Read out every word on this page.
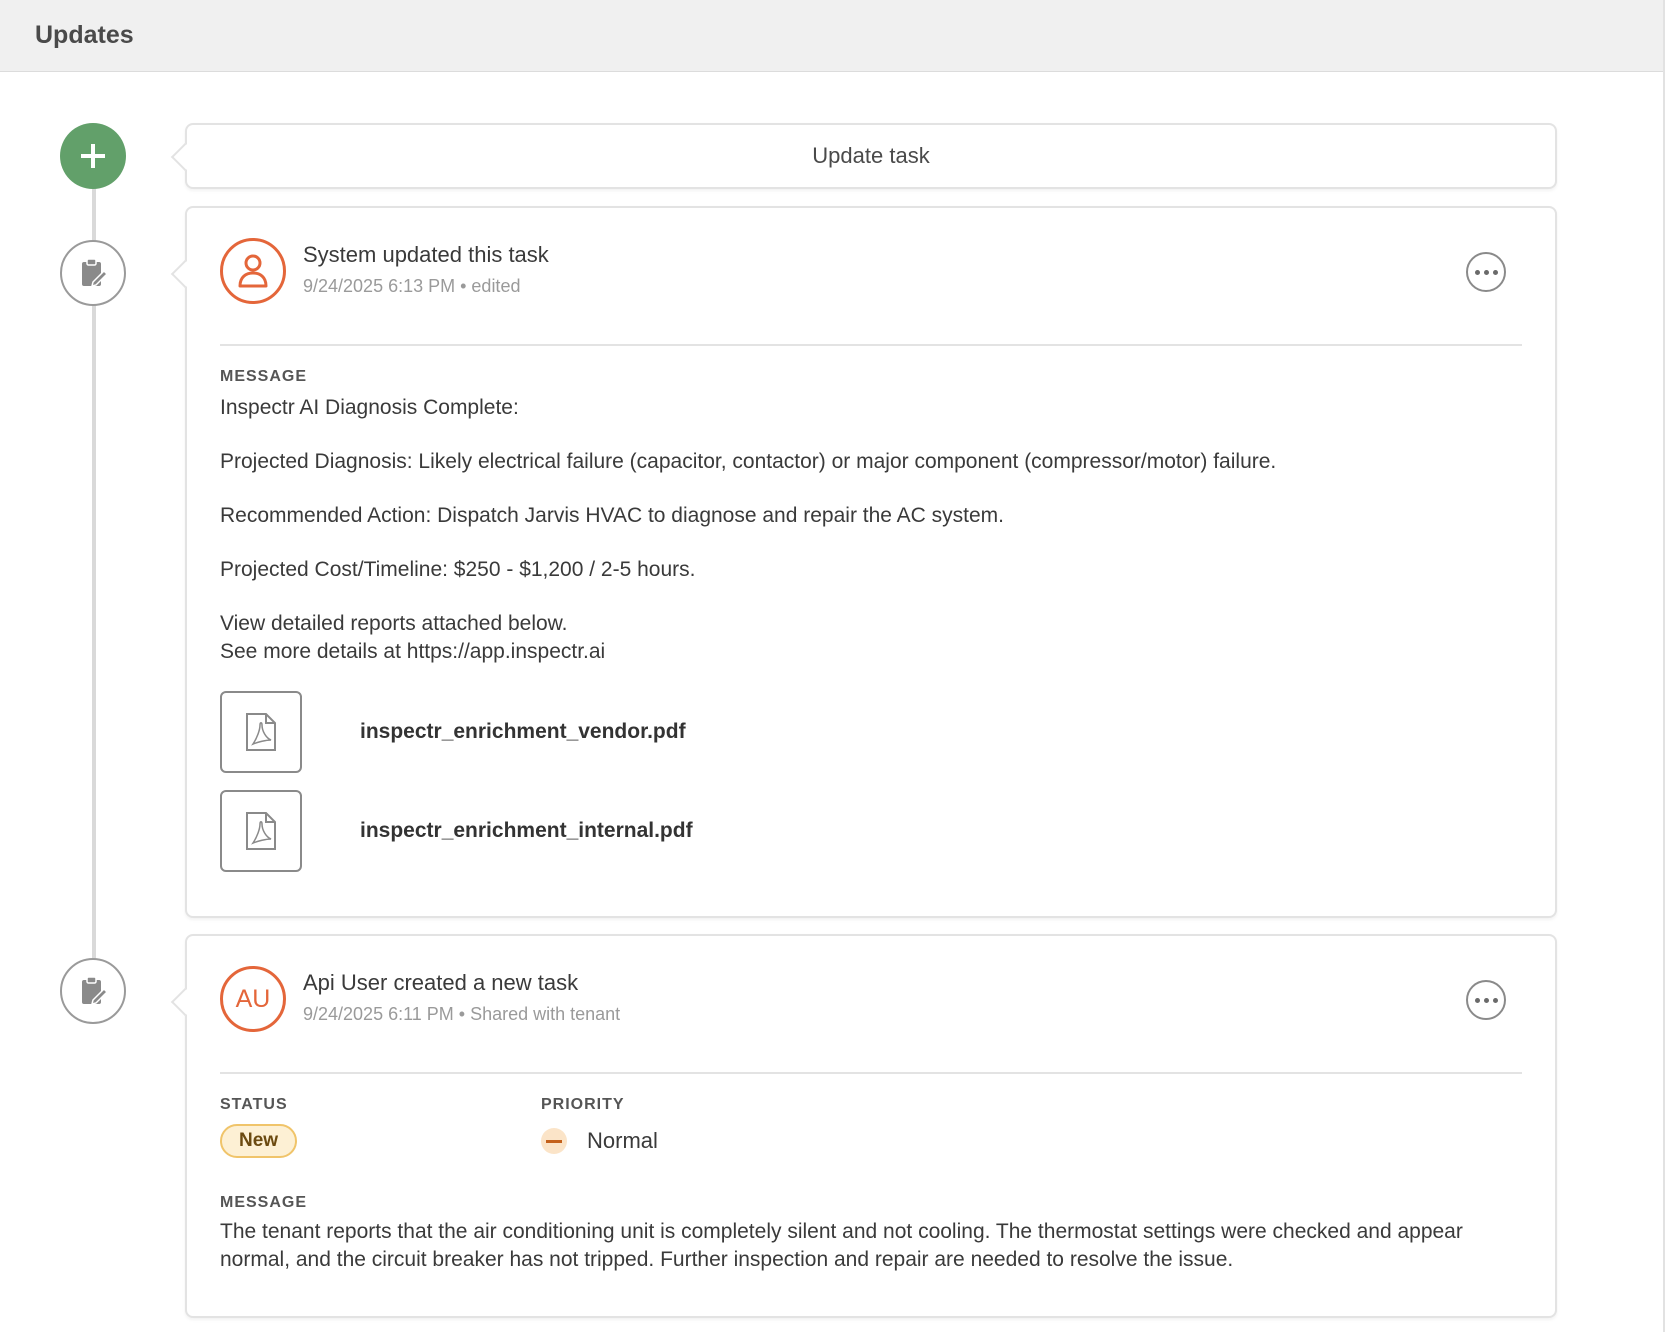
Updates
Update task
System updated this task
9/24/2025 6:13 PM • edited
MESSAGE

Inspectr AI Diagnosis Complete:

Projected Diagnosis: Likely electrical failure (capacitor, contactor) or major component (compressor/motor) failure.

Recommended Action: Dispatch Jarvis HVAC to diagnose and repair the AC system.

Projected Cost/Timeline: $250 - $1,200 / 2-5 hours.

View detailed reports attached below.

See more details at https://app.inspectr.ai

inspectr_enrichment_vendor.pdf
inspectr_enrichment_internal.pdf
AU
Api User created a new task
9/24/2025 6:11 PM • Shared with tenant
STATUS
New
PRIORITY
Normal
MESSAGE
The tenant reports that the air conditioning unit is completely silent and not cooling. The thermostat settings were checked and appear normal, and the circuit breaker has not tripped. Further inspection and repair are needed to resolve the issue.
